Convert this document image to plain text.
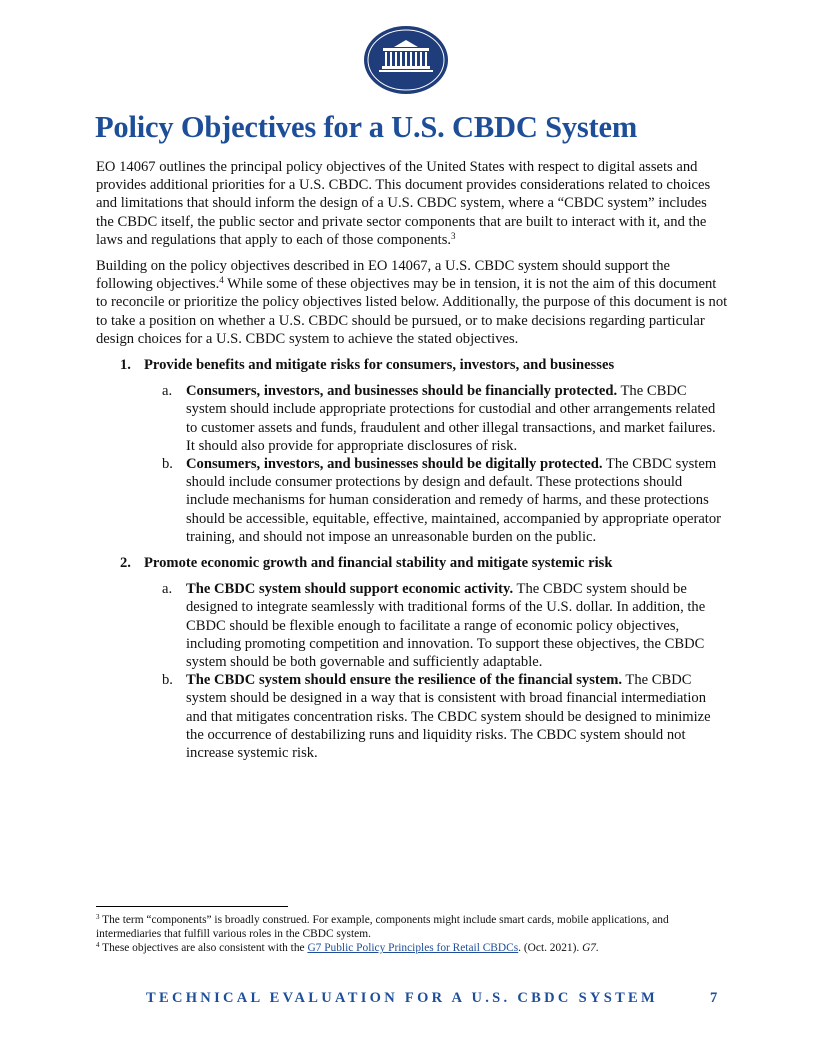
Policy Objectives for a U.S. CBDC System

EO 14067 outlines the principal policy objectives of the United States with respect to digital assets and provides additional priorities for a U.S. CBDC. This document provides considerations related to choices and limitations that should inform the design of a U.S. CBDC system, where a “CBDC system” includes the CBDC itself, the public sector and private sector components that are built to interact with it, and the laws and regulations that apply to each of those components.$^3$

Building on the policy objectives described in EO 14067, a U.S. CBDC system should support the following objectives.$^4$ While some of these objectives may be in tension, it is not the aim of this document to reconcile or prioritize the policy objectives listed below. Additionally, the purpose of this document is not to take a position on whether a U.S. CBDC should be pursued, or to make decisions regarding particular design choices for a U.S. CBDC system to achieve the stated objectives.

1. Provide benefits and mitigate risks for consumers, investors, and businesses

a. Consumers, investors, and businesses should be financially protected. The CBDC system should include appropriate protections for custodial and other arrangements related to customer assets and funds, fraudulent and other illegal transactions, and market failures. It should also provide for appropriate disclosures of risk.

b. Consumers, investors, and businesses should be digitally protected. The CBDC system should include consumer protections by design and default. These protections should include mechanisms for human consideration and remedy of harms, and these protections should be accessible, equitable, effective, maintained, accompanied by appropriate operator training, and should not impose an unreasonable burden on the public.

2. Promote economic growth and financial stability and mitigate systemic risk

a. The CBDC system should support economic activity. The CBDC system should be designed to integrate seamlessly with traditional forms of the U.S. dollar. In addition, the CBDC should be flexible enough to facilitate a range of economic policy objectives, including promoting competition and innovation. To support these objectives, the CBDC system should be both governable and sufficiently adaptable.

b. The CBDC system should ensure the resilience of the financial system. The CBDC system should be designed in a way that is consistent with broad financial intermediation and that mitigates concentration risks. The CBDC system should be designed to minimize the occurrence of destabilizing runs and liquidity risks. The CBDC system should not increase systemic risk.

$^3$ The term “components” is broadly construed. For example, components might include smart cards, mobile applications, and intermediaries that fulfill various roles in the CBDC system.

$^4$ These objectives are also consistent with the G7 Public Policy Principles for Retail CBDCs. (Oct. 2021). G7.

TECHNICAL EVALUATION FOR A U.S. CBDC SYSTEM	7
